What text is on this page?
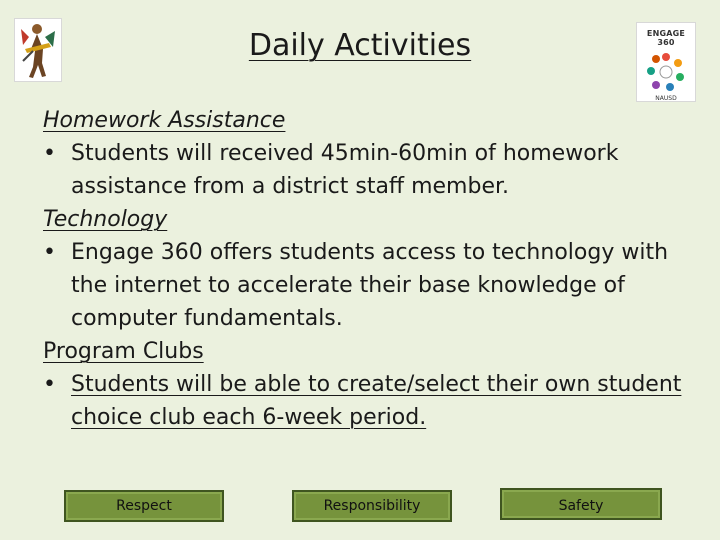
ENGAGE 360
NAUSD
Daily Activities
Homework Assistance
• Students will received 45min-60min of homework assistance from a district staff member.
Technology
• Engage 360 offers students access to technology with the internet to accelerate their base knowledge of computer fundamentals.
Program Clubs
• Students will be able to create/select their own student choice club each 6-week period.
Respect	Responsibility	Safety
